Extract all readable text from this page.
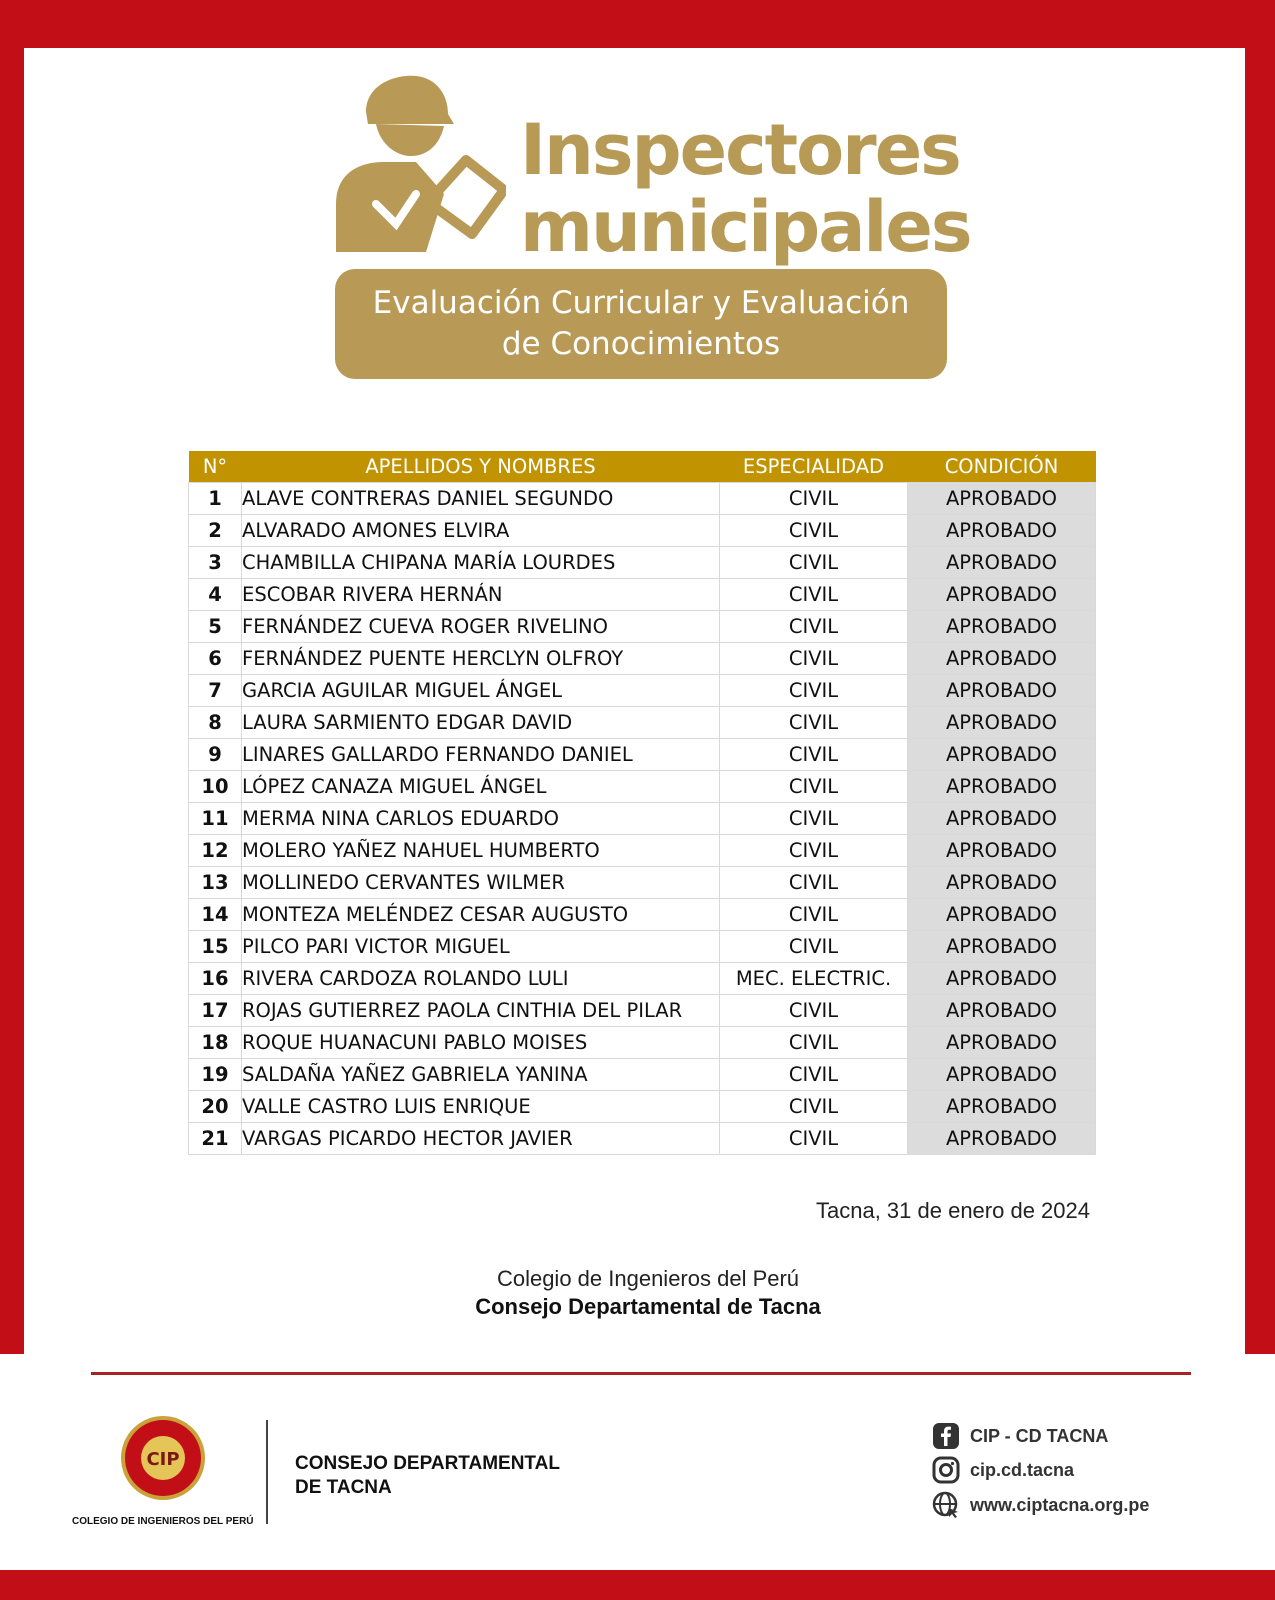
Inspectores
municipales
Evaluación Curricular y Evaluación
de Conocimientos
N°	APELLIDOS Y NOMBRES	ESPECIALIDAD	CONDICIÓN
1	ALAVE CONTRERAS DANIEL SEGUNDO	CIVIL	APROBADO
2	ALVARADO AMONES ELVIRA	CIVIL	APROBADO
3	CHAMBILLA CHIPANA MARÍA LOURDES	CIVIL	APROBADO
4	ESCOBAR RIVERA HERNÁN	CIVIL	APROBADO
5	FERNÁNDEZ CUEVA ROGER RIVELINO	CIVIL	APROBADO
6	FERNÁNDEZ PUENTE HERCLYN OLFROY	CIVIL	APROBADO
7	GARCIA AGUILAR MIGUEL ÁNGEL	CIVIL	APROBADO
8	LAURA SARMIENTO EDGAR DAVID	CIVIL	APROBADO
9	LINARES GALLARDO FERNANDO DANIEL	CIVIL	APROBADO
10	LÓPEZ CANAZA MIGUEL ÁNGEL	CIVIL	APROBADO
11	MERMA NINA CARLOS EDUARDO	CIVIL	APROBADO
12	MOLERO YAÑEZ NAHUEL HUMBERTO	CIVIL	APROBADO
13	MOLLINEDO CERVANTES WILMER	CIVIL	APROBADO
14	MONTEZA MELÉNDEZ CESAR AUGUSTO	CIVIL	APROBADO
15	PILCO PARI VICTOR MIGUEL	CIVIL	APROBADO
16	RIVERA CARDOZA ROLANDO LULI	MEC. ELECTRIC.	APROBADO
17	ROJAS GUTIERREZ PAOLA CINTHIA DEL PILAR	CIVIL	APROBADO
18	ROQUE HUANACUNI PABLO MOISES	CIVIL	APROBADO
19	SALDAÑA YAÑEZ GABRIELA YANINA	CIVIL	APROBADO
20	VALLE CASTRO LUIS ENRIQUE	CIVIL	APROBADO
21	VARGAS PICARDO HECTOR JAVIER	CIVIL	APROBADO
Tacna, 31 de enero de 2024
Colegio de Ingenieros del Perú
Consejo Departamental de Tacna
CIP
COLEGIO DE INGENIEROS DEL PERÚ
CONSEJO DEPARTAMENTAL
DE TACNA
CIP - CD TACNA
cip.cd.tacna
www.ciptacna.org.pe
